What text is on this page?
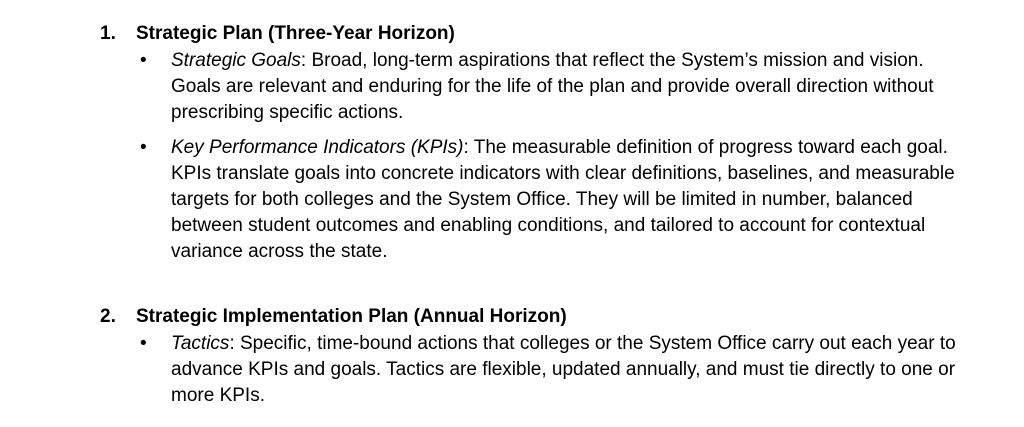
1. Strategic Plan (Three-Year Horizon)
• Strategic Goals: Broad, long-term aspirations that reflect the System’s mission and vision. Goals are relevant and enduring for the life of the plan and provide overall direction without prescribing specific actions.

• Key Performance Indicators (KPIs): The measurable definition of progress toward each goal. KPIs translate goals into concrete indicators with clear definitions, baselines, and measurable targets for both colleges and the System Office. They will be limited in number, balanced between student outcomes and enabling conditions, and tailored to account for contextual variance across the state.

2. Strategic Implementation Plan (Annual Horizon)
• Tactics: Specific, time-bound actions that colleges or the System Office carry out each year to advance KPIs and goals. Tactics are flexible, updated annually, and must tie directly to one or more KPIs.
